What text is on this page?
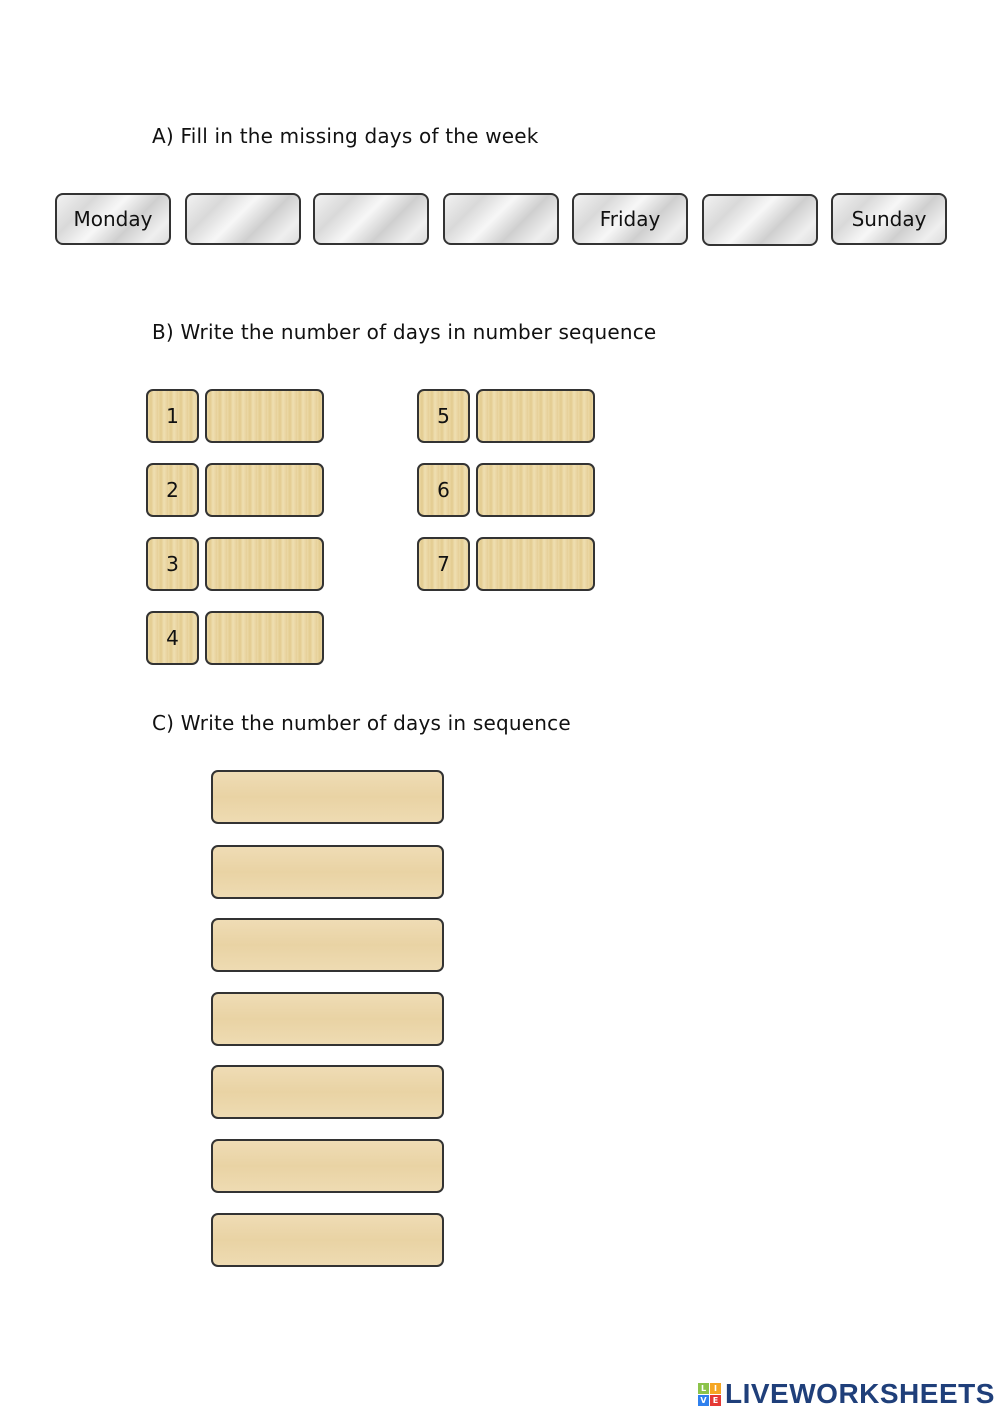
A) Fill in the missing days of the week
Monday	Friday	Sunday
B) Write the number of days in number sequence
1
2
3
4
5
6
7
C) Write the number of days in sequence
L I
V E LIVEWORKSHEETS
